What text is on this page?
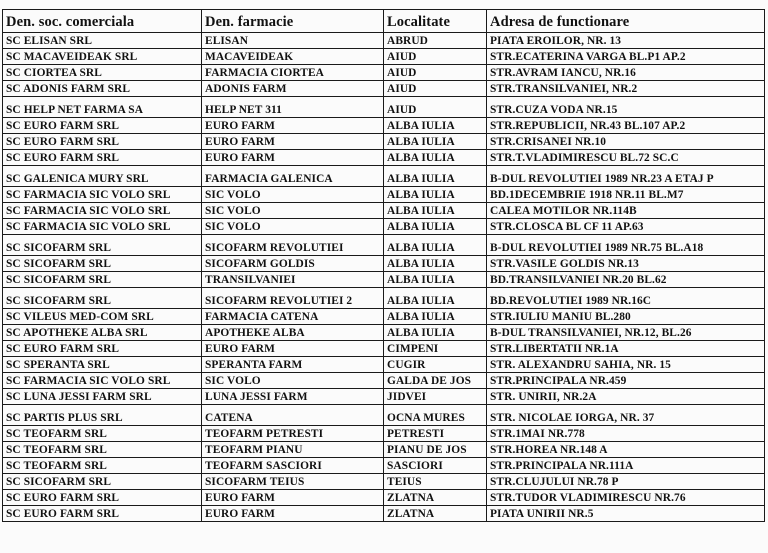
Den. soc. comerciala	Den. farmacie	Localitate	Adresa de functionare
SC ELISAN SRL	ELISAN	ABRUD	PIATA EROILOR, NR. 13
SC MACAVEIDEAK SRL	MACAVEIDEAK	AIUD	STR.ECATERINA VARGA BL.P1 AP.2
SC CIORTEA SRL	FARMACIA CIORTEA	AIUD	STR.AVRAM IANCU, NR.16
SC ADONIS FARM SRL	ADONIS FARM	AIUD	STR.TRANSILVANIEI, NR.2
SC HELP NET FARMA SA	HELP NET 311	AIUD	STR.CUZA VODA NR.15
SC EURO FARM SRL	EURO FARM	ALBA IULIA	STR.REPUBLICII, NR.43 BL.107 AP.2
SC EURO FARM SRL	EURO FARM	ALBA IULIA	STR.CRISANEI NR.10
SC EURO FARM SRL	EURO FARM	ALBA IULIA	STR.T.VLADIMIRESCU BL.72 SC.C
SC GALENICA MURY SRL	FARMACIA GALENICA	ALBA IULIA	B-DUL REVOLUTIEI 1989 NR.23 A ETAJ P
SC FARMACIA SIC VOLO SRL	SIC VOLO	ALBA IULIA	BD.1DECEMBRIE 1918 NR.11 BL.M7
SC FARMACIA SIC VOLO SRL	SIC VOLO	ALBA IULIA	CALEA MOTILOR NR.114B
SC FARMACIA SIC VOLO SRL	SIC VOLO	ALBA IULIA	STR.CLOSCA BL CF 11 AP.63
SC SICOFARM SRL	SICOFARM REVOLUTIEI	ALBA IULIA	B-DUL REVOLUTIEI 1989 NR.75 BL.A18
SC SICOFARM SRL	SICOFARM GOLDIS	ALBA IULIA	STR.VASILE GOLDIS NR.13
SC SICOFARM SRL	TRANSILVANIEI	ALBA IULIA	BD.TRANSILVANIEI NR.20 BL.62
SC SICOFARM SRL	SICOFARM REVOLUTIEI 2	ALBA IULIA	BD.REVOLUTIEI 1989 NR.16C
SC VILEUS MED-COM SRL	FARMACIA CATENA	ALBA IULIA	STR.IULIU MANIU BL.280
SC APOTHEKE ALBA SRL	APOTHEKE ALBA	ALBA IULIA	B-DUL TRANSILVANIEI, NR.12, BL.26
SC EURO FARM SRL	EURO FARM	CIMPENI	STR.LIBERTATII NR.1A
SC SPERANTA SRL	SPERANTA FARM	CUGIR	STR. ALEXANDRU SAHIA, NR. 15
SC FARMACIA SIC VOLO SRL	SIC VOLO	GALDA DE JOS	STR.PRINCIPALA NR.459
SC LUNA JESSI FARM SRL	LUNA JESSI FARM	JIDVEI	STR. UNIRII, NR.2A
SC PARTIS PLUS SRL	CATENA	OCNA MURES	STR. NICOLAE IORGA, NR. 37
SC TEOFARM SRL	TEOFARM PETRESTI	PETRESTI	STR.1MAI NR.778
SC TEOFARM SRL	TEOFARM PIANU	PIANU DE JOS	STR.HOREA NR.148 A
SC TEOFARM SRL	TEOFARM SASCIORI	SASCIORI	STR.PRINCIPALA NR.111A
SC SICOFARM SRL	SICOFARM TEIUS	TEIUS	STR.CLUJULUI NR.78 P
SC EURO FARM SRL	EURO FARM	ZLATNA	STR.TUDOR VLADIMIRESCU NR.76
SC EURO FARM SRL	EURO FARM	ZLATNA	PIATA UNIRII NR.5
